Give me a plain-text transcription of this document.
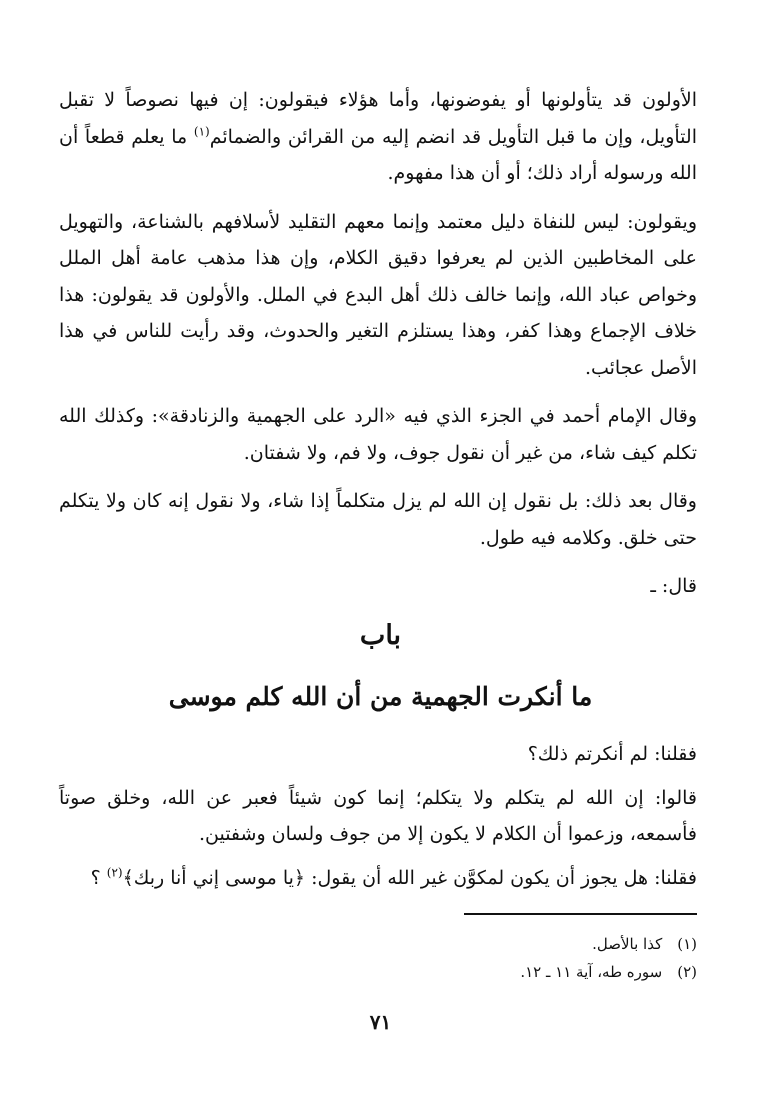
الأولون قد يتأولونها أو يفوضونها، وأما هؤلاء فيقولون: إن فيها نصوصاً لا تقبل التأويل، وإن ما قبل التأويل قد انضم إليه من القرائن والضمائم$^{(١)}$ ما يعلم قطعاً أن الله ورسوله أراد ذلك؛ أو أن هذا مفهوم.

ويقولون: ليس للنفاة دليل معتمد وإنما معهم التقليد لأسلافهم بالشناعة، والتهويل على المخاطبين الذين لم يعرفوا دقيق الكلام، وإن هذا مذهب عامة أهل الملل وخواص عباد الله، وإنما خالف ذلك أهل البدع في الملل. والأولون قد يقولون: هذا خلاف الإجماع وهذا كفر، وهذا يستلزم التغير والحدوث، وقد رأيت للناس في هذا الأصل عجائب.

وقال الإمام أحمد في الجزء الذي فيه «الرد على الجهمية والزنادقة»: وكذلك الله تكلم كيف شاء، من غير أن نقول جوف، ولا فم، ولا شفتان.

وقال بعد ذلك: بل نقول إن الله لم يزل متكلماً إذا شاء، ولا نقول إنه كان ولا يتكلم حتى خلق. وكلامه فيه طول.

قال: ـ

باب
ما أنكرت الجهمية من أن الله كلم موسى

فقلنا: لم أنكرتم ذلك؟

قالوا: إن الله لم يتكلم ولا يتكلم؛ إنما كون شيئاً فعبر عن الله، وخلق صوتاً فأسمعه، وزعموا أن الكلام لا يكون إلا من جوف ولسان وشفتين.

فقلنا: هل يجوز أن يكون لمكوَّن غير الله أن يقول: ﴿يا موسى إني أنا ربك﴾$^{(٢)}$ ؟

(١) كذا بالأصل.
(٢) سوره طه، آية ١١ ـ ١٢.
٧١
